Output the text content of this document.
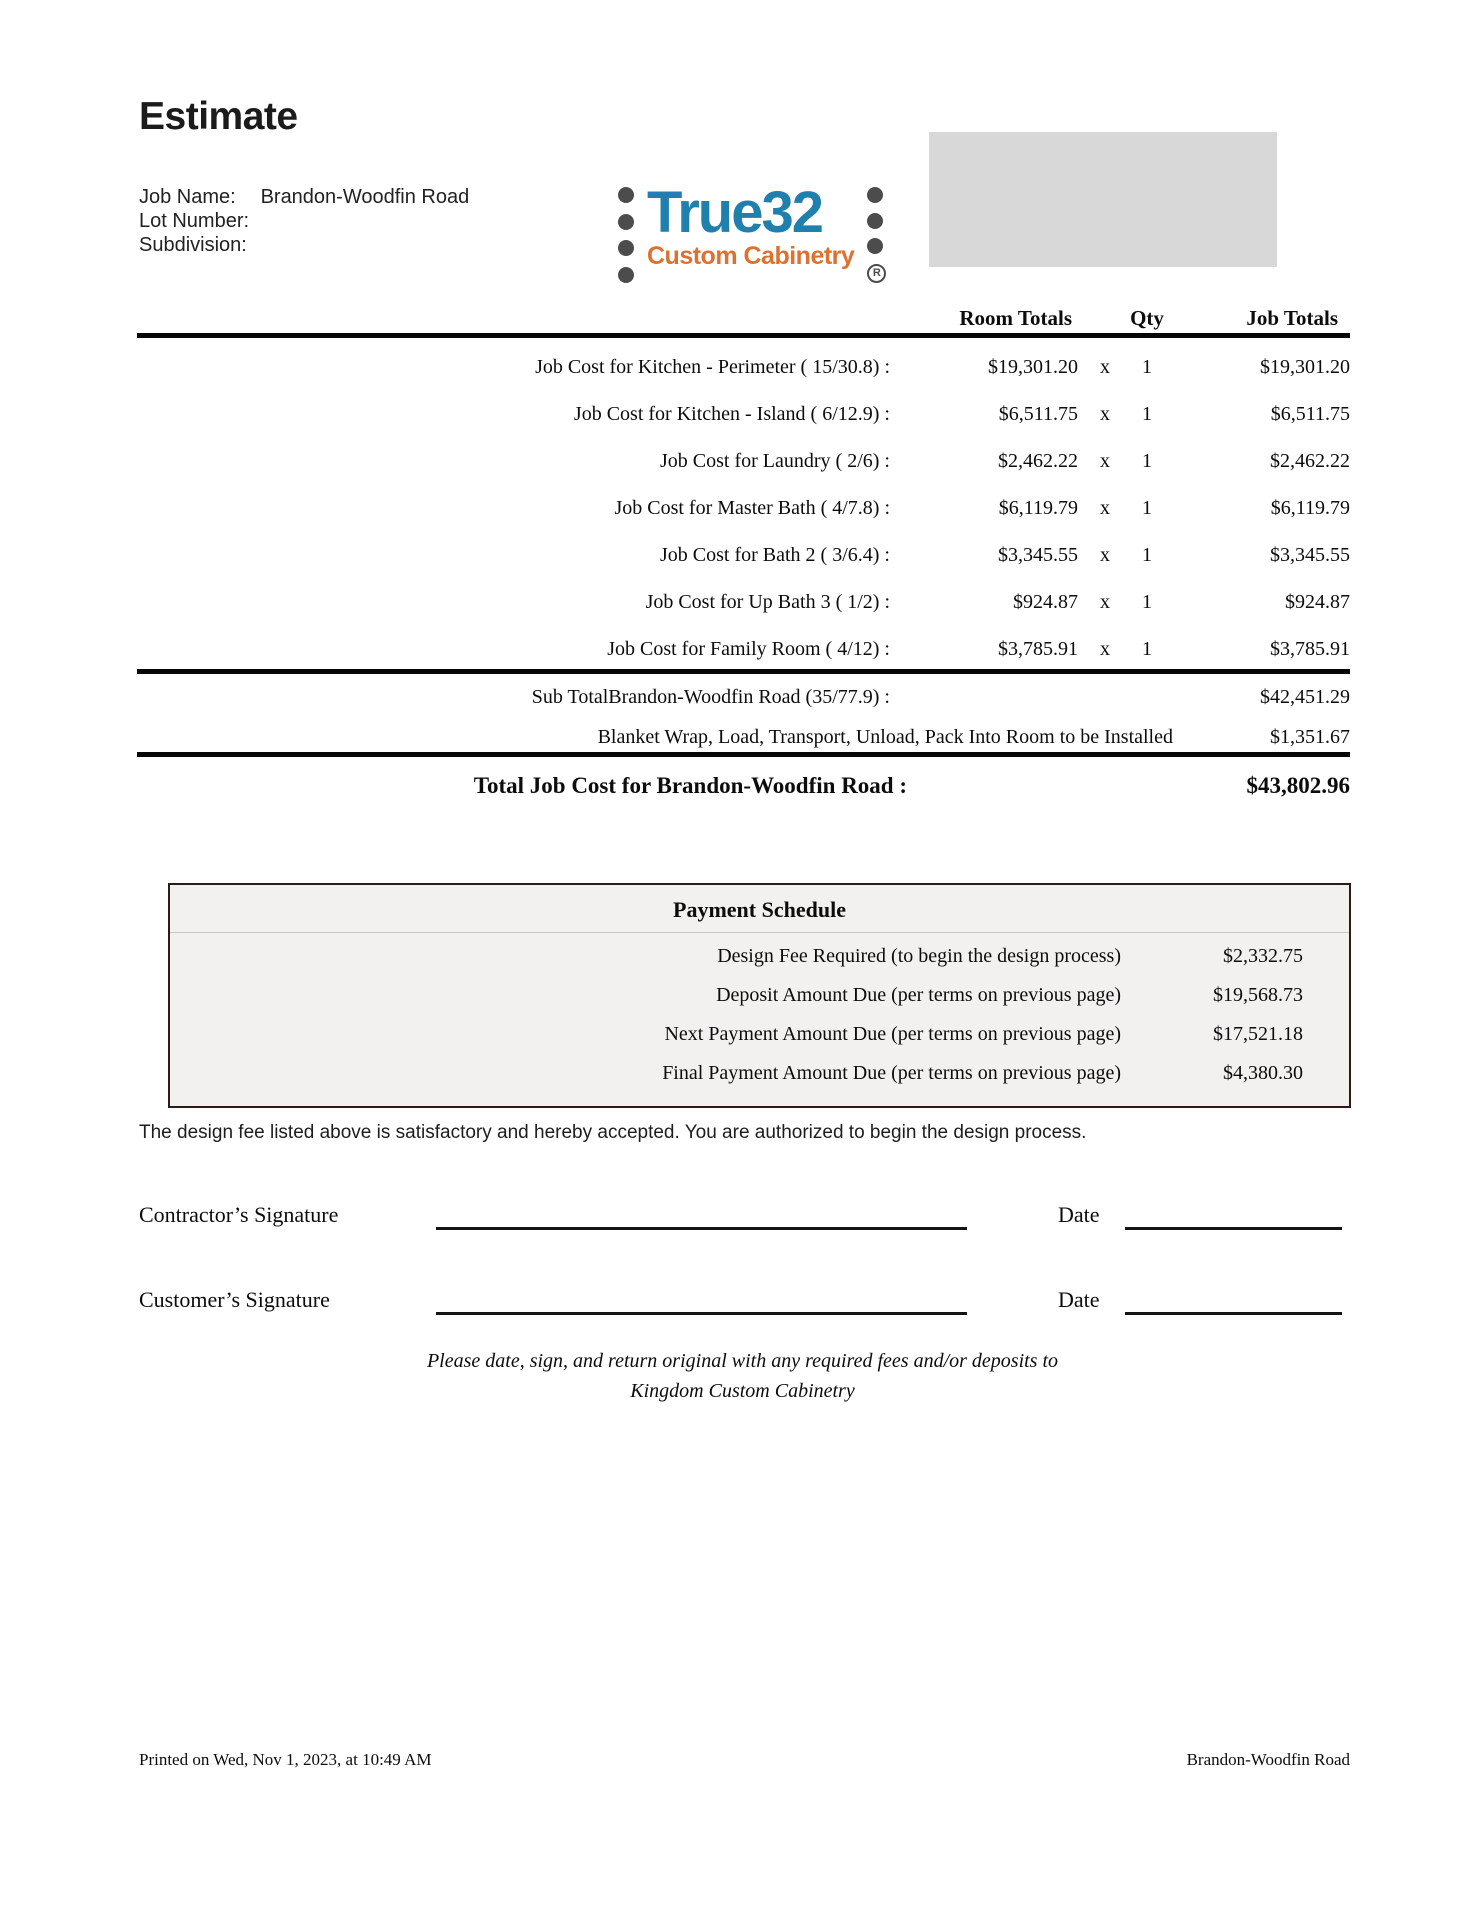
Estimate
Job Name: Brandon-Woodfin Road
Lot Number:
Subdivision:	True32
Custom Cabinetry
R
Room Totals	Qty	Job Totals
Job Cost for Kitchen - Perimeter ( 15/30.8) :	$19,301.20 x	1	$19,301.20
Job Cost for Kitchen - Island ( 6/12.9) :	$6,511.75 x	1	$6,511.75
Job Cost for Laundry ( 2/6) :	$2,462.22 x	1	$2,462.22
Job Cost for Master Bath ( 4/7.8) :	$6,119.79 x	1	$6,119.79
Job Cost for Bath 2 ( 3/6.4) :	$3,345.55 x	1	$3,345.55
Job Cost for Up Bath 3 ( 1/2) :	$924.87 x	1	$924.87
Job Cost for Family Room ( 4/12) :	$3,785.91 x	1	$3,785.91
Sub TotalBrandon-Woodfin Road (35/77.9) :	$42,451.29
Blanket Wrap, Load, Transport, Unload, Pack Into Room to be Installed	$1,351.67
Total Job Cost for Brandon-Woodfin Road :	$43,802.96
Payment Schedule
Design Fee Required (to begin the design process)	$2,332.75
Deposit Amount Due (per terms on previous page)	$19,568.73
Next Payment Amount Due (per terms on previous page)	$17,521.18
Final Payment Amount Due (per terms on previous page)	$4,380.30
The design fee listed above is satisfactory and hereby accepted. You are authorized to begin the design process.
Contractor’s Signature	Date
Customer’s Signature	Date
Please date, sign, and return original with any required fees and/or deposits to
Kingdom Custom Cabinetry
Printed on Wed, Nov 1, 2023, at 10:49 AM	Brandon-Woodfin Road
